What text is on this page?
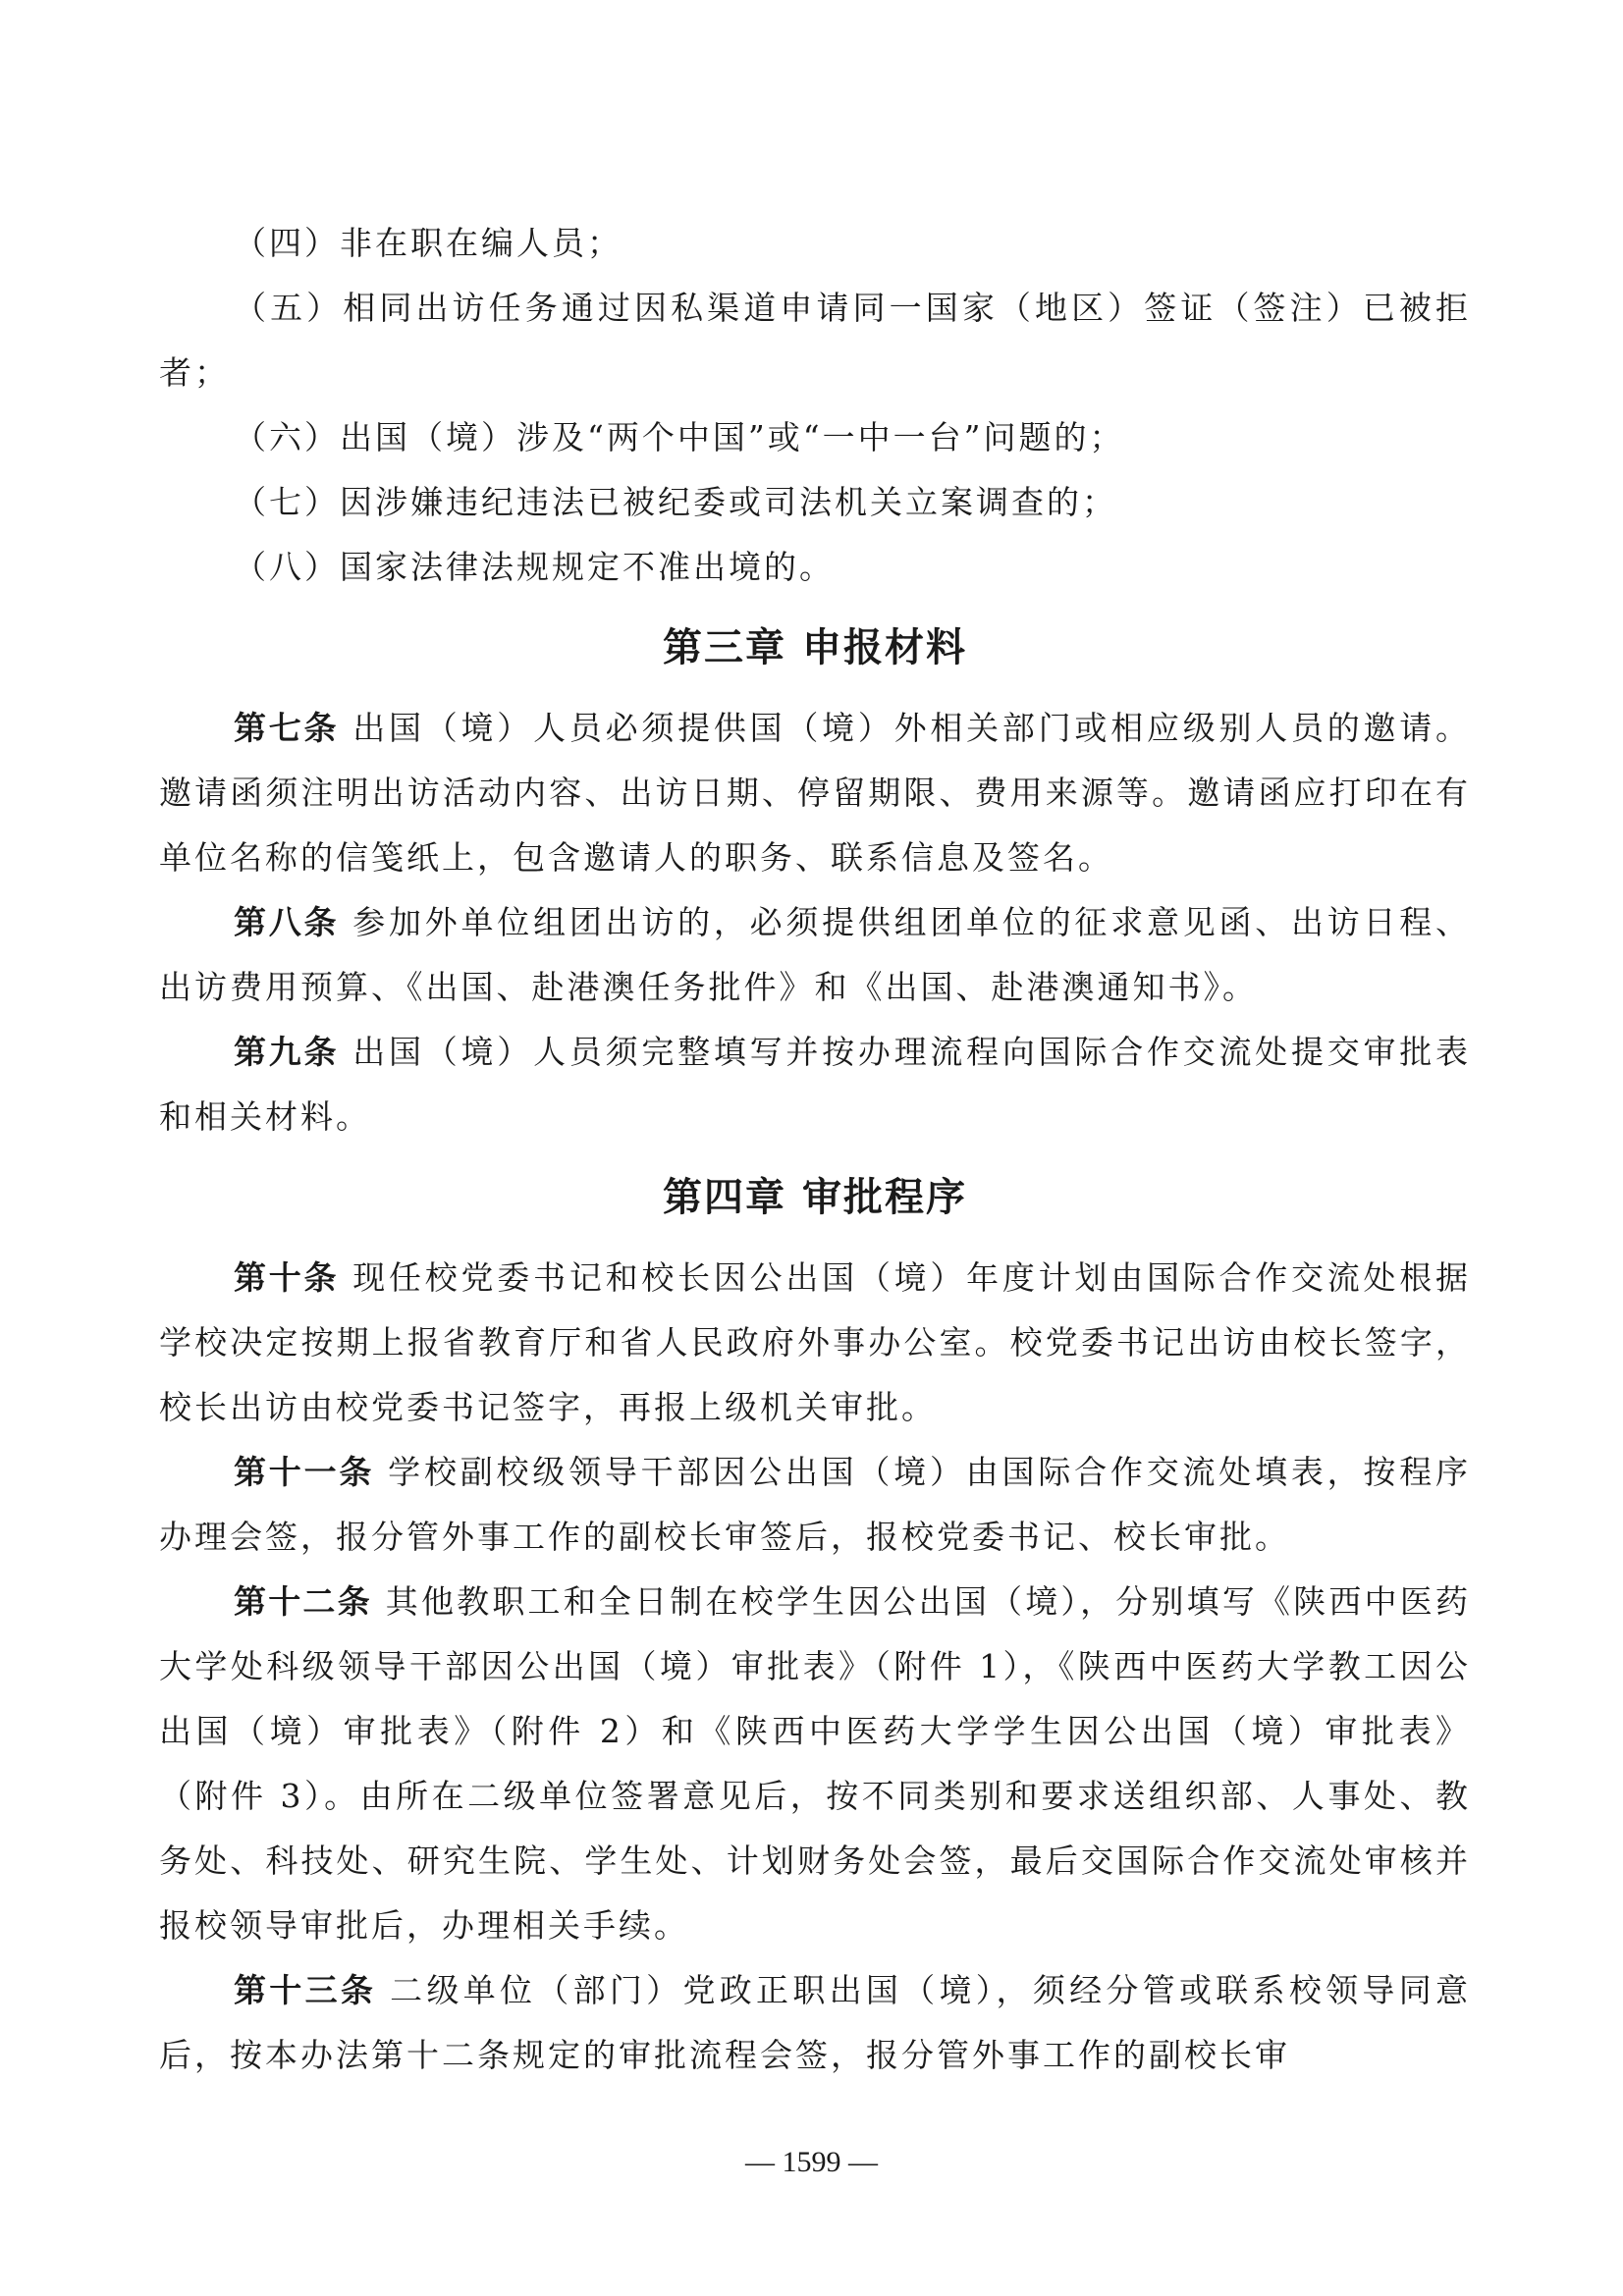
（四）非在职在编人员；

（五）相同出访任务通过因私渠道申请同一国家（地区）签证（签注）已被拒者；

（六）出国（境）涉及“两个中国”或“一中一台”问题的；

（七）因涉嫌违纪违法已被纪委或司法机关立案调查的；

（八）国家法律法规规定不准出境的。

第三章 申报材料

第七条 出国（境）人员必须提供国（境）外相关部门或相应级别人员的邀请。邀请函须注明出访活动内容、出访日期、停留期限、费用来源等。邀请函应打印在有单位名称的信笺纸上，包含邀请人的职务、联系信息及签名。

第八条 参加外单位组团出访的，必须提供组团单位的征求意见函、出访日程、出访费用预算、《出国、赴港澳任务批件》和《出国、赴港澳通知书》。

第九条 出国（境）人员须完整填写并按办理流程向国际合作交流处提交审批表和相关材料。

第四章 审批程序

第十条 现任校党委书记和校长因公出国（境）年度计划由国际合作交流处根据学校决定按期上报省教育厅和省人民政府外事办公室。校党委书记出访由校长签字，校长出访由校党委书记签字，再报上级机关审批。

第十一条 学校副校级领导干部因公出国（境）由国际合作交流处填表，按程序办理会签，报分管外事工作的副校长审签后，报校党委书记、校长审批。

第十二条 其他教职工和全日制在校学生因公出国（境），分别填写《陕西中医药大学处科级领导干部因公出国（境）审批表》（附件 1），《陕西中医药大学教工因公出国（境）审批表》（附件 2）和《陕西中医药大学学生因公出国（境）审批表》（附件 3）。由所在二级单位签署意见后，按不同类别和要求送组织部、人事处、教务处、科技处、研究生院、学生处、计划财务处会签，最后交国际合作交流处审核并报校领导审批后，办理相关手续。

第十三条 二级单位（部门）党政正职出国（境），须经分管或联系校领导同意后，按本办法第十二条规定的审批流程会签，报分管外事工作的副校长审

— 1599 —
